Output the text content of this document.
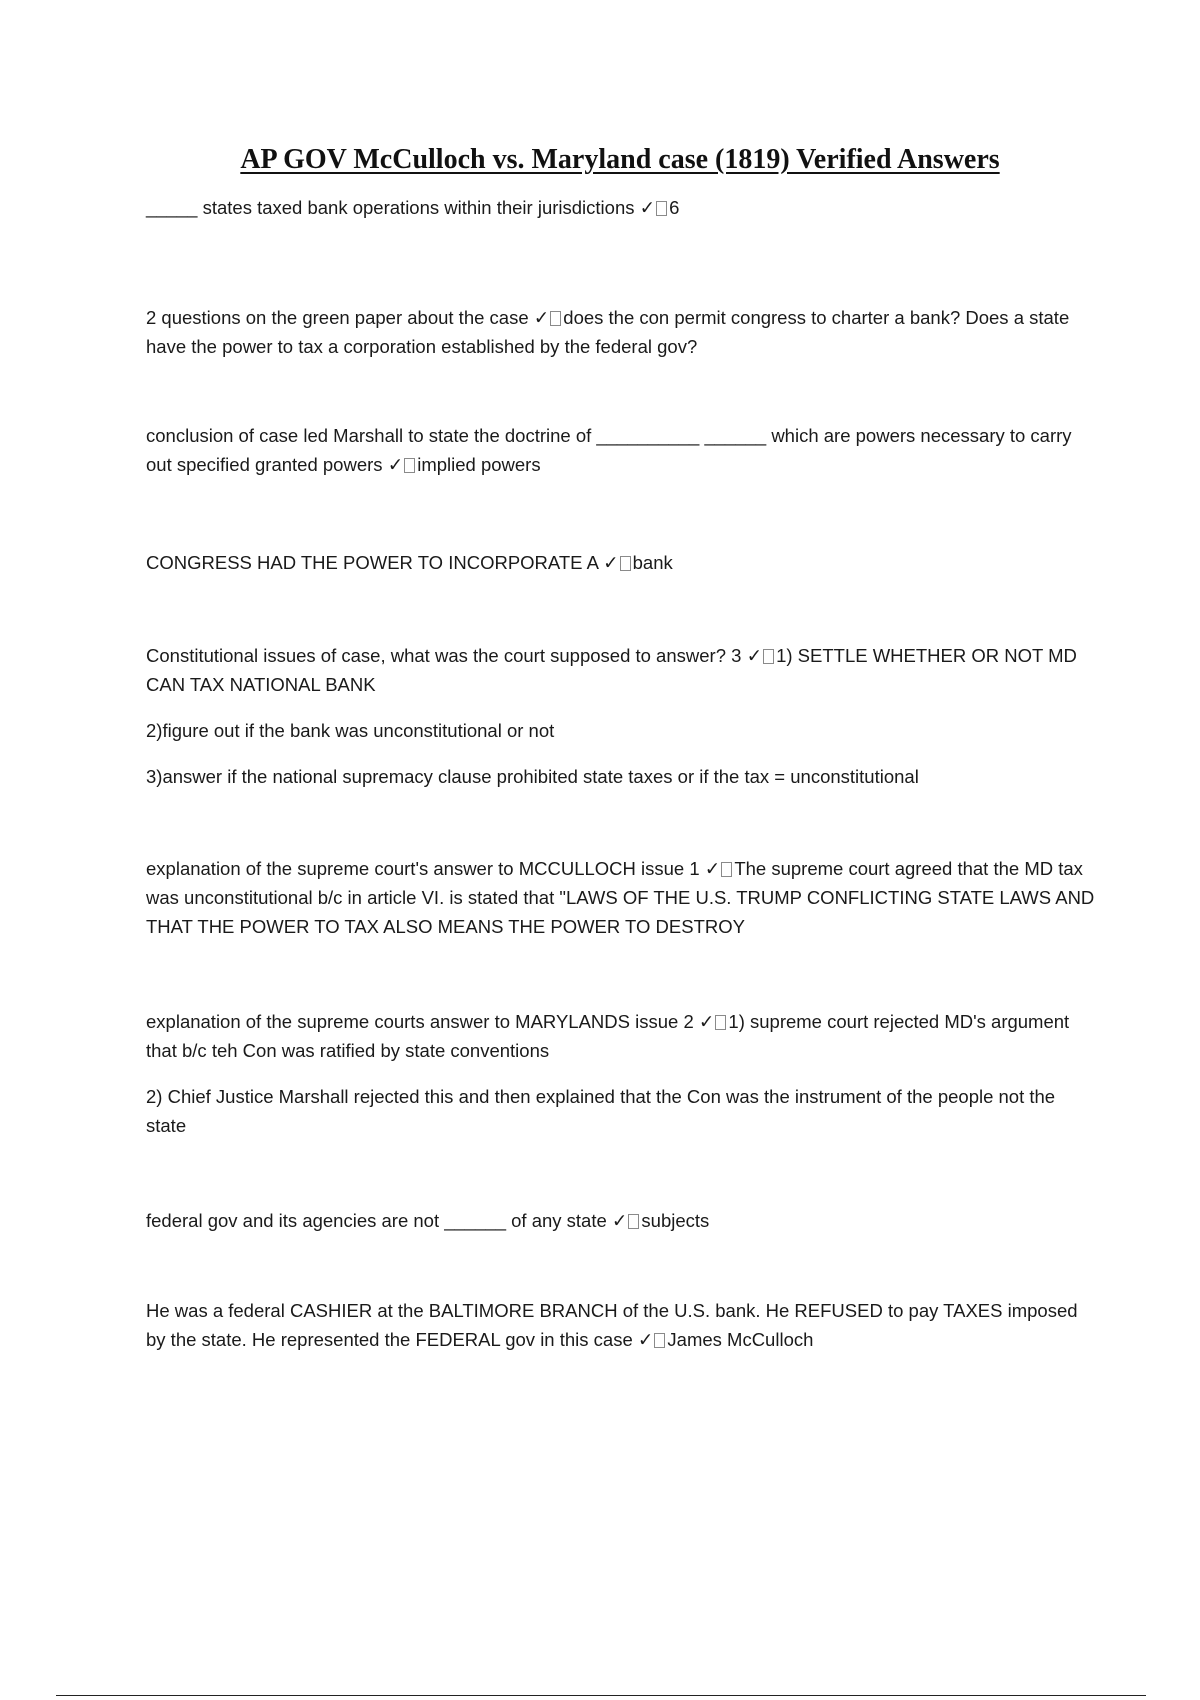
AP GOV McCulloch vs. Maryland case (1819) Verified Answers

_____ states taxed bank operations within their jurisdictions ✓ 6

2 questions on the green paper about the case ✓ does the con permit congress to charter a bank? Does a state have the power to tax a corporation established by the federal gov?

conclusion of case led Marshall to state the doctrine of __________ ______ which are powers necessary to carry out specified granted powers ✓ implied powers

CONGRESS HAD THE POWER TO INCORPORATE A ✓ bank

Constitutional issues of case, what was the court supposed to answer? 3 ✓ 1) SETTLE WHETHER OR NOT MD CAN TAX NATIONAL BANK

2)figure out if the bank was unconstitutional or not

3)answer if the national supremacy clause prohibited state taxes or if the tax = unconstitutional

explanation of the supreme court's answer to MCCULLOCH issue 1 ✓ The supreme court agreed that the MD tax was unconstitutional b/c in article VI. is stated that "LAWS OF THE U.S. TRUMP CONFLICTING STATE LAWS AND THAT THE POWER TO TAX ALSO MEANS THE POWER TO DESTROY

explanation of the supreme courts answer to MARYLANDS issue 2 ✓ 1) supreme court rejected MD's argument that b/c teh Con was ratified by state conventions

2) Chief Justice Marshall rejected this and then explained that the Con was the instrument of the people not the state

federal gov and its agencies are not ______ of any state ✓ subjects

He was a federal CASHIER at the BALTIMORE BRANCH of the U.S. bank. He REFUSED to pay TAXES imposed by the state. He represented the FEDERAL gov in this case ✓ James McCulloch
